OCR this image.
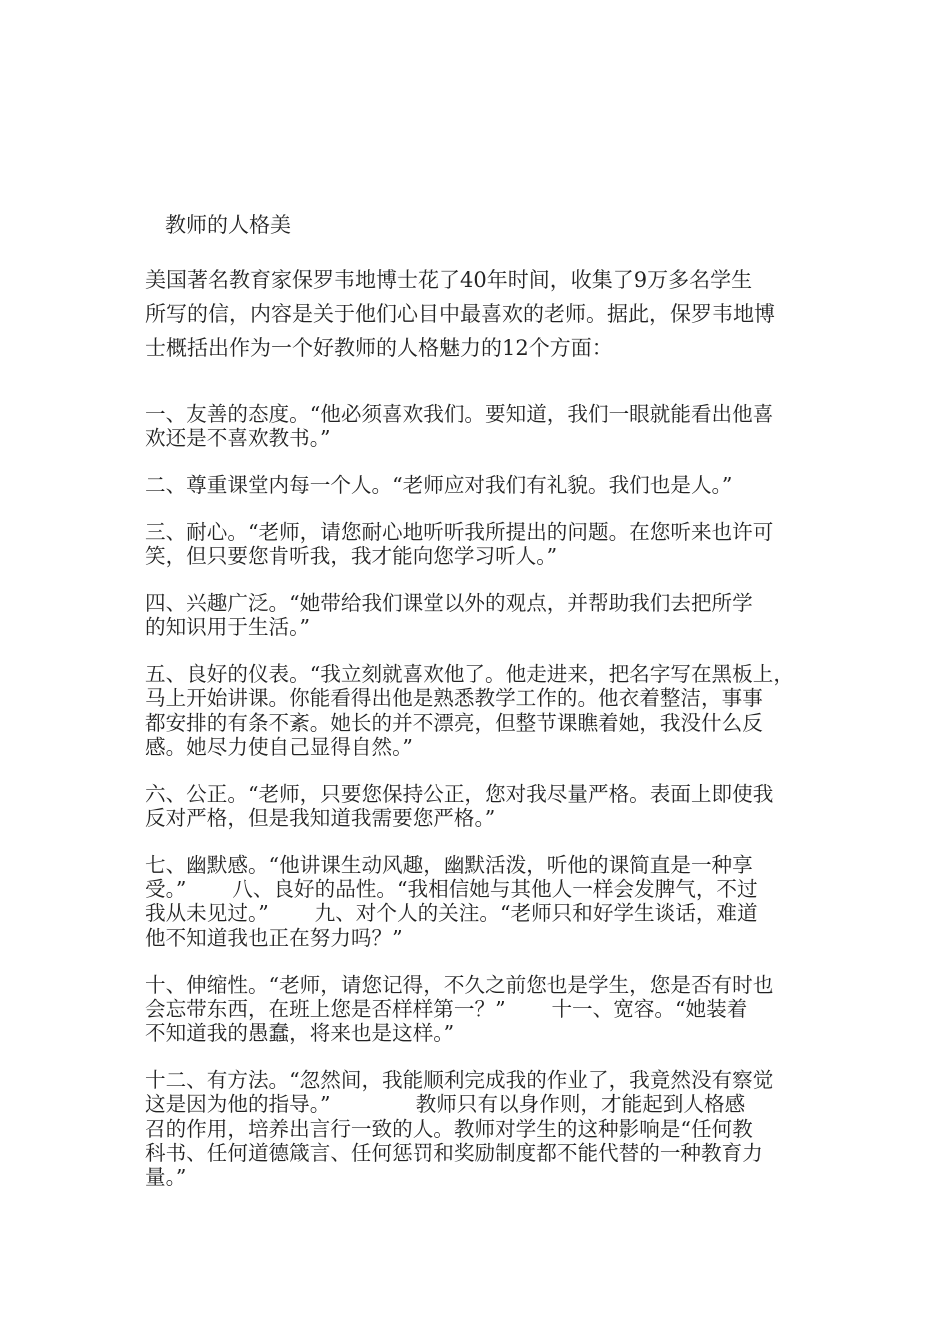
教师的人格美
美国著名教育家保罗韦地博士花了40年时间，收集了9万多名学生
所写的信，内容是关于他们心目中最喜欢的老师。据此，保罗韦地博
士概括出作为一个好教师的人格魅力的12个方面：

一、友善的态度。“他必须喜欢我们。要知道，我们一眼就能看出他喜
欢还是不喜欢教书。”

二、尊重课堂内每一个人。“老师应对我们有礼貌。我们也是人。”

三、耐心。“老师，请您耐心地听听我所提出的问题。在您听来也许可
笑，但只要您肯听我，我才能向您学习听人。”

四、兴趣广泛。“她带给我们课堂以外的观点，并帮助我们去把所学
的知识用于生活。”

五、良好的仪表。“我立刻就喜欢他了。他走进来，把名字写在黑板上，
马上开始讲课。你能看得出他是熟悉教学工作的。他衣着整洁，事事
都安排的有条不紊。她长的并不漂亮，但整节课瞧着她，我没什么反
感。她尽力使自己显得自然。”

六、公正。“老师，只要您保持公正，您对我尽量严格。表面上即使我
反对严格，但是我知道我需要您严格。”

七、幽默感。“他讲课生动风趣，幽默活泼，听他的课简直是一种享
受。”       八、良好的品性。“我相信她与其他人一样会发脾气，不过
我从未见过。”       九、对个人的关注。“老师只和好学生谈话，难道
他不知道我也正在努力吗？”

十、伸缩性。“老师，请您记得，不久之前您也是学生，您是否有时也
会忘带东西，在班上您是否样样第一？”       十一、宽容。“她装着
不知道我的愚蠢，将来也是这样。”

十二、有方法。“忽然间，我能顺利完成我的作业了，我竟然没有察觉
这是因为他的指导。”             教师只有以身作则，才能起到人格感
召的作用，培养出言行一致的人。教师对学生的这种影响是“任何教
科书、任何道德箴言、任何惩罚和奖励制度都不能代替的一种教育力
量。”
